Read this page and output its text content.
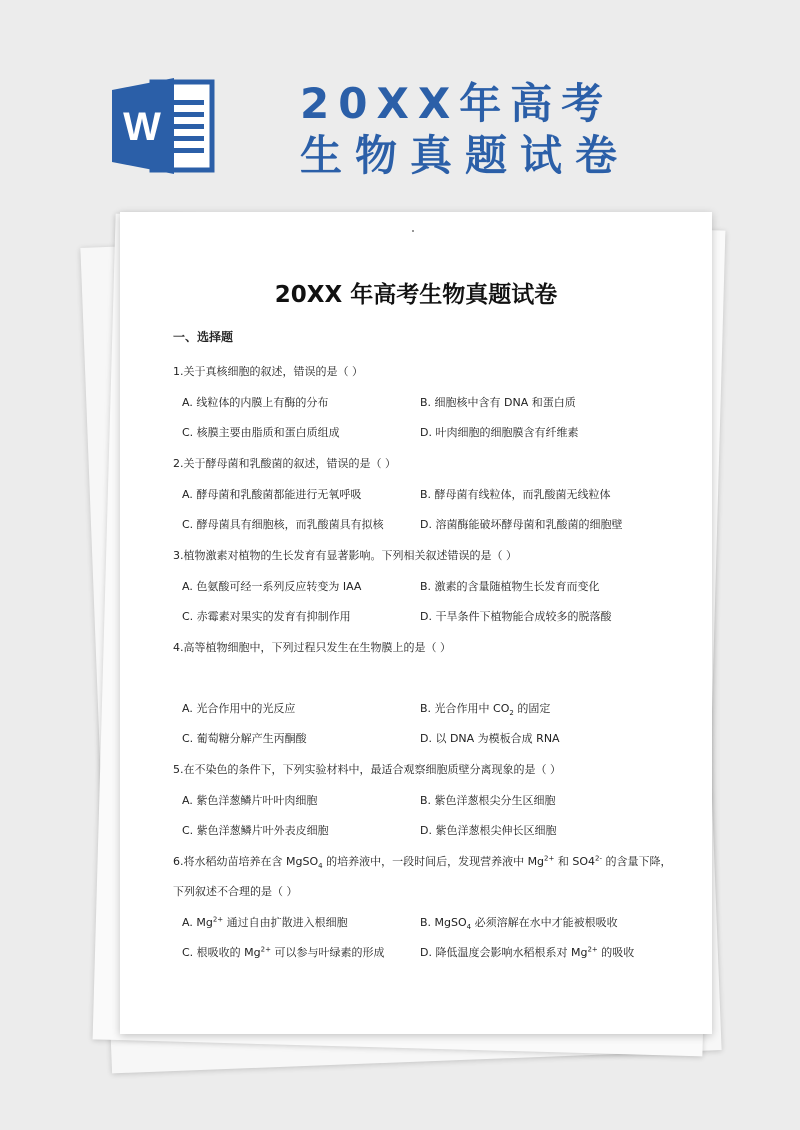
W	20XX年高考
生物真题试卷
20XX 年高考生物真题试卷
一、选择题
1.关于真核细胞的叙述，错误的是（ ）
A. 线粒体的内膜上有酶的分布	B. 细胞核中含有 DNA 和蛋白质
C. 核膜主要由脂质和蛋白质组成	D. 叶肉细胞的细胞膜含有纤维素
2.关于酵母菌和乳酸菌的叙述，错误的是（ ）
A. 酵母菌和乳酸菌都能进行无氧呼吸	B. 酵母菌有线粒体，而乳酸菌无线粒体
C. 酵母菌具有细胞核，而乳酸菌具有拟核	D. 溶菌酶能破坏酵母菌和乳酸菌的细胞壁
3.植物激素对植物的生长发育有显著影响。下列相关叙述错误的是（ ）
A. 色氨酸可经一系列反应转变为 IAA	B. 激素的含量随植物生长发育而变化
C. 赤霉素对果实的发育有抑制作用	D. 干旱条件下植物能合成较多的脱落酸
4.高等植物细胞中，下列过程只发生在生物膜上的是（ ）
A. 光合作用中的光反应	B. 光合作用中 $CO_2$ 的固定
C. 葡萄糖分解产生丙酮酸	D. 以 DNA 为模板合成 RNA
5.在不染色的条件下，下列实验材料中，最适合观察细胞质壁分离现象的是（ ）
A. 紫色洋葱鳞片叶叶肉细胞	B. 紫色洋葱根尖分生区细胞
C. 紫色洋葱鳞片叶外表皮细胞	D. 紫色洋葱根尖伸长区细胞
6.将水稻幼苗培养在含 MgSO$_4$ 的培养液中，一段时间后，发现营养液中 $Mg^{2+}$ 和 $SO4^{2-}$ 的含量下降，
下列叙述不合理的是（ ）
A. $Mg^{2+}$ 通过自由扩散进入根细胞	B. MgSO$_4$ 必须溶解在水中才能被根吸收
C. 根吸收的 $Mg^{2+}$ 可以参与叶绿素的形成	D. 降低温度会影响水稻根系对 $Mg^{2+}$ 的吸收
